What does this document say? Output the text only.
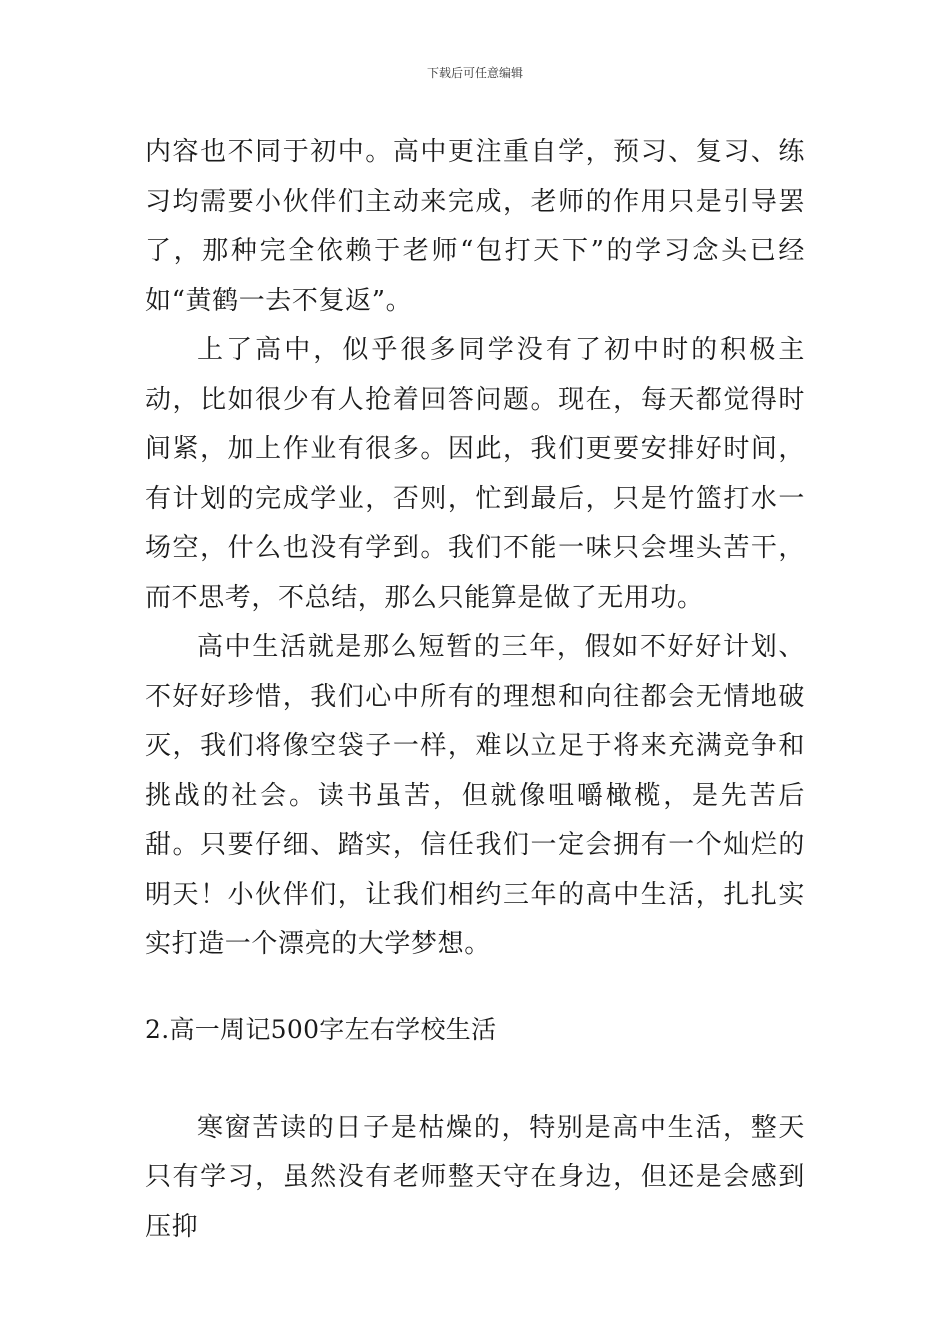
下载后可任意编辑

内容也不同于初中。高中更注重自学，预习、复习、练习均需要小伙伴们主动来完成，老师的作用只是引导罢了，那种完全依赖于老师“包打天下”的学习念头已经如“黄鹤一去不复返”。

上了高中，似乎很多同学没有了初中时的积极主动，比如很少有人抢着回答问题。现在，每天都觉得时间紧，加上作业有很多。因此，我们更要安排好时间，有计划的完成学业，否则，忙到最后，只是竹篮打水一场空，什么也没有学到。我们不能一味只会埋头苦干，而不思考，不总结，那么只能算是做了无用功。

高中生活就是那么短暂的三年，假如不好好计划、不好好珍惜，我们心中所有的理想和向往都会无情地破灭，我们将像空袋子一样，难以立足于将来充满竞争和挑战的社会。读书虽苦，但就像咀嚼橄榄，是先苦后甜。只要仔细、踏实，信任我们一定会拥有一个灿烂的明天！小伙伴们，让我们相约三年的高中生活，扎扎实实打造一个漂亮的大学梦想。

2.高一周记500字左右学校生活

寒窗苦读的日子是枯燥的，特别是高中生活，整天只有学习，虽然没有老师整天守在身边，但还是会感到压抑
